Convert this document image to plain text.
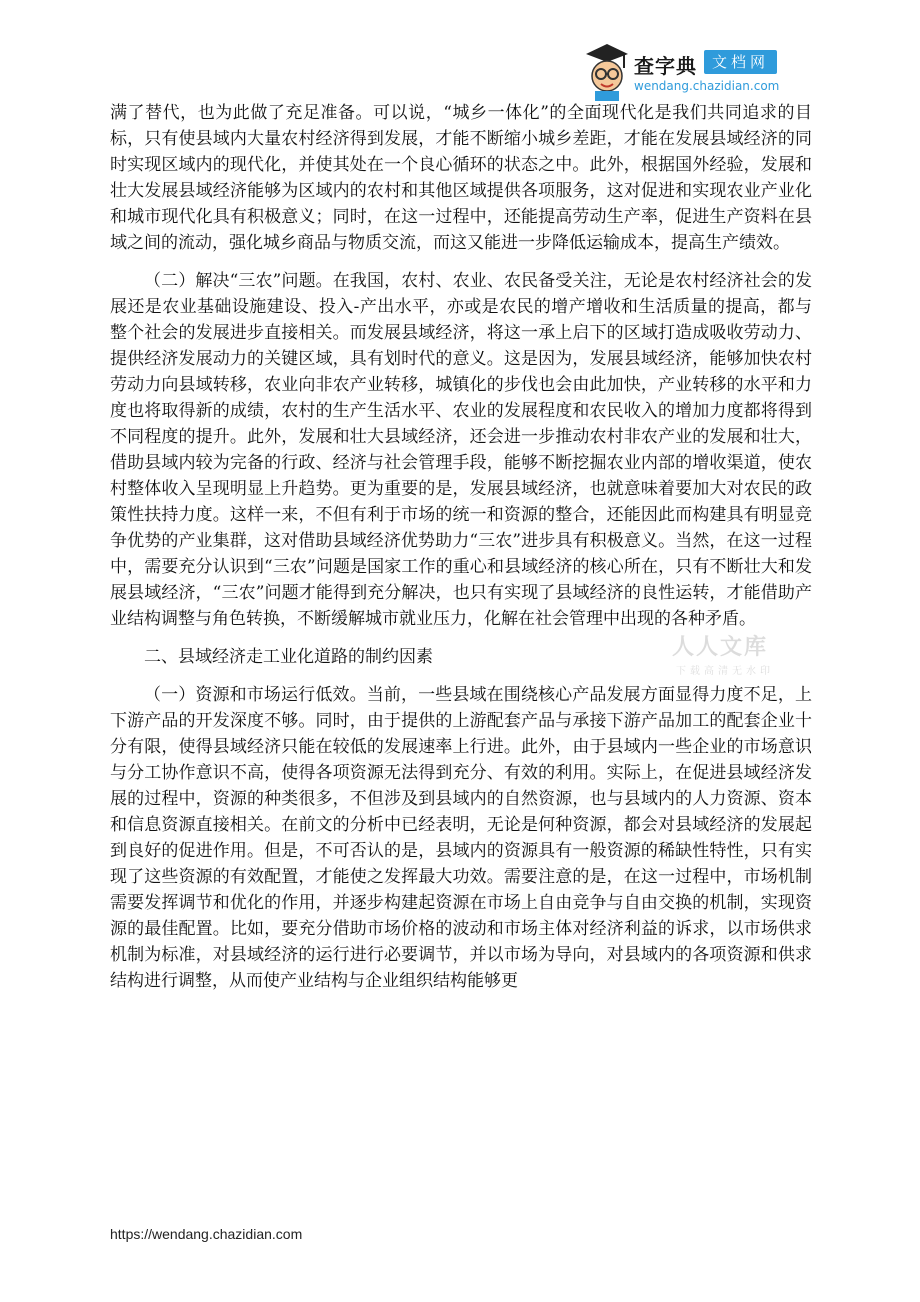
查字典	文档网
wendang.chazidian.com

满了替代，也为此做了充足准备。可以说，“城乡一体化”的全面现代化是我们共同追求的目标，只有使县域内大量农村经济得到发展，才能不断缩小城乡差距，才能在发展县域经济的同时实现区域内的现代化，并使其处在一个良心循环的状态之中。此外，根据国外经验，发展和壮大发展县域经济能够为区域内的农村和其他区域提供各项服务，这对促进和实现农业产业化和城市现代化具有积极意义；同时，在这一过程中，还能提高劳动生产率，促进生产资料在县域之间的流动，强化城乡商品与物质交流，而这又能进一步降低运输成本，提高生产绩效。

（二）解决“三农”问题。在我国，农村、农业、农民备受关注，无论是农村经济社会的发展还是农业基础设施建设、投入-产出水平，亦或是农民的增产增收和生活质量的提高，都与整个社会的发展进步直接相关。而发展县域经济，将这一承上启下的区域打造成吸收劳动力、提供经济发展动力的关键区域，具有划时代的意义。这是因为，发展县域经济，能够加快农村劳动力向县域转移，农业向非农产业转移，城镇化的步伐也会由此加快，产业转移的水平和力度也将取得新的成绩，农村的生产生活水平、农业的发展程度和农民收入的增加力度都将得到不同程度的提升。此外，发展和壮大县域经济，还会进一步推动农村非农产业的发展和壮大，借助县域内较为完备的行政、经济与社会管理手段，能够不断挖掘农业内部的增收渠道，使农村整体收入呈现明显上升趋势。更为重要的是，发展县域经济，也就意味着要加大对农民的政策性扶持力度。这样一来，不但有利于市场的统一和资源的整合，还能因此而构建具有明显竞争优势的产业集群，这对借助县域经济优势助力“三农”进步具有积极意义。当然，在这一过程中，需要充分认识到“三农”问题是国家工作的重心和县域经济的核心所在，只有不断壮大和发展县域经济，“三农”问题才能得到充分解决，也只有实现了县域经济的良性运转，才能借助产业结构调整与角色转换，不断缓解城市就业压力，化解在社会管理中出现的各种矛盾。

二、县域经济走工业化道路的制约因素

（一）资源和市场运行低效。当前，一些县域在围绕核心产品发展方面显得力度不足，上下游产品的开发深度不够。同时，由于提供的上游配套产品与承接下游产品加工的配套企业十分有限，使得县域经济只能在较低的发展速率上行进。此外，由于县域内一些企业的市场意识与分工协作意识不高，使得各项资源无法得到充分、有效的利用。实际上，在促进县域经济发展的过程中，资源的种类很多，不但涉及到县域内的自然资源，也与县域内的人力资源、资本和信息资源直接相关。在前文的分析中已经表明，无论是何种资源，都会对县域经济的发展起到良好的促进作用。但是，不可否认的是，县域内的资源具有一般资源的稀缺性特性，只有实现了这些资源的有效配置，才能使之发挥最大功效。需要注意的是，在这一过程中，市场机制需要发挥调节和优化的作用，并逐步构建起资源在市场上自由竞争与自由交换的机制，实现资源的最佳配置。比如，要充分借助市场价格的波动和市场主体对经济利益的诉求，以市场供求机制为标准，对县域经济的运行进行必要调节，并以市场为导向，对县域内的各项资源和供求结构进行调整，从而使产业结构与企业组织结构能够更

人人文库
下载高清无水印
https://wendang.chazidian.com
